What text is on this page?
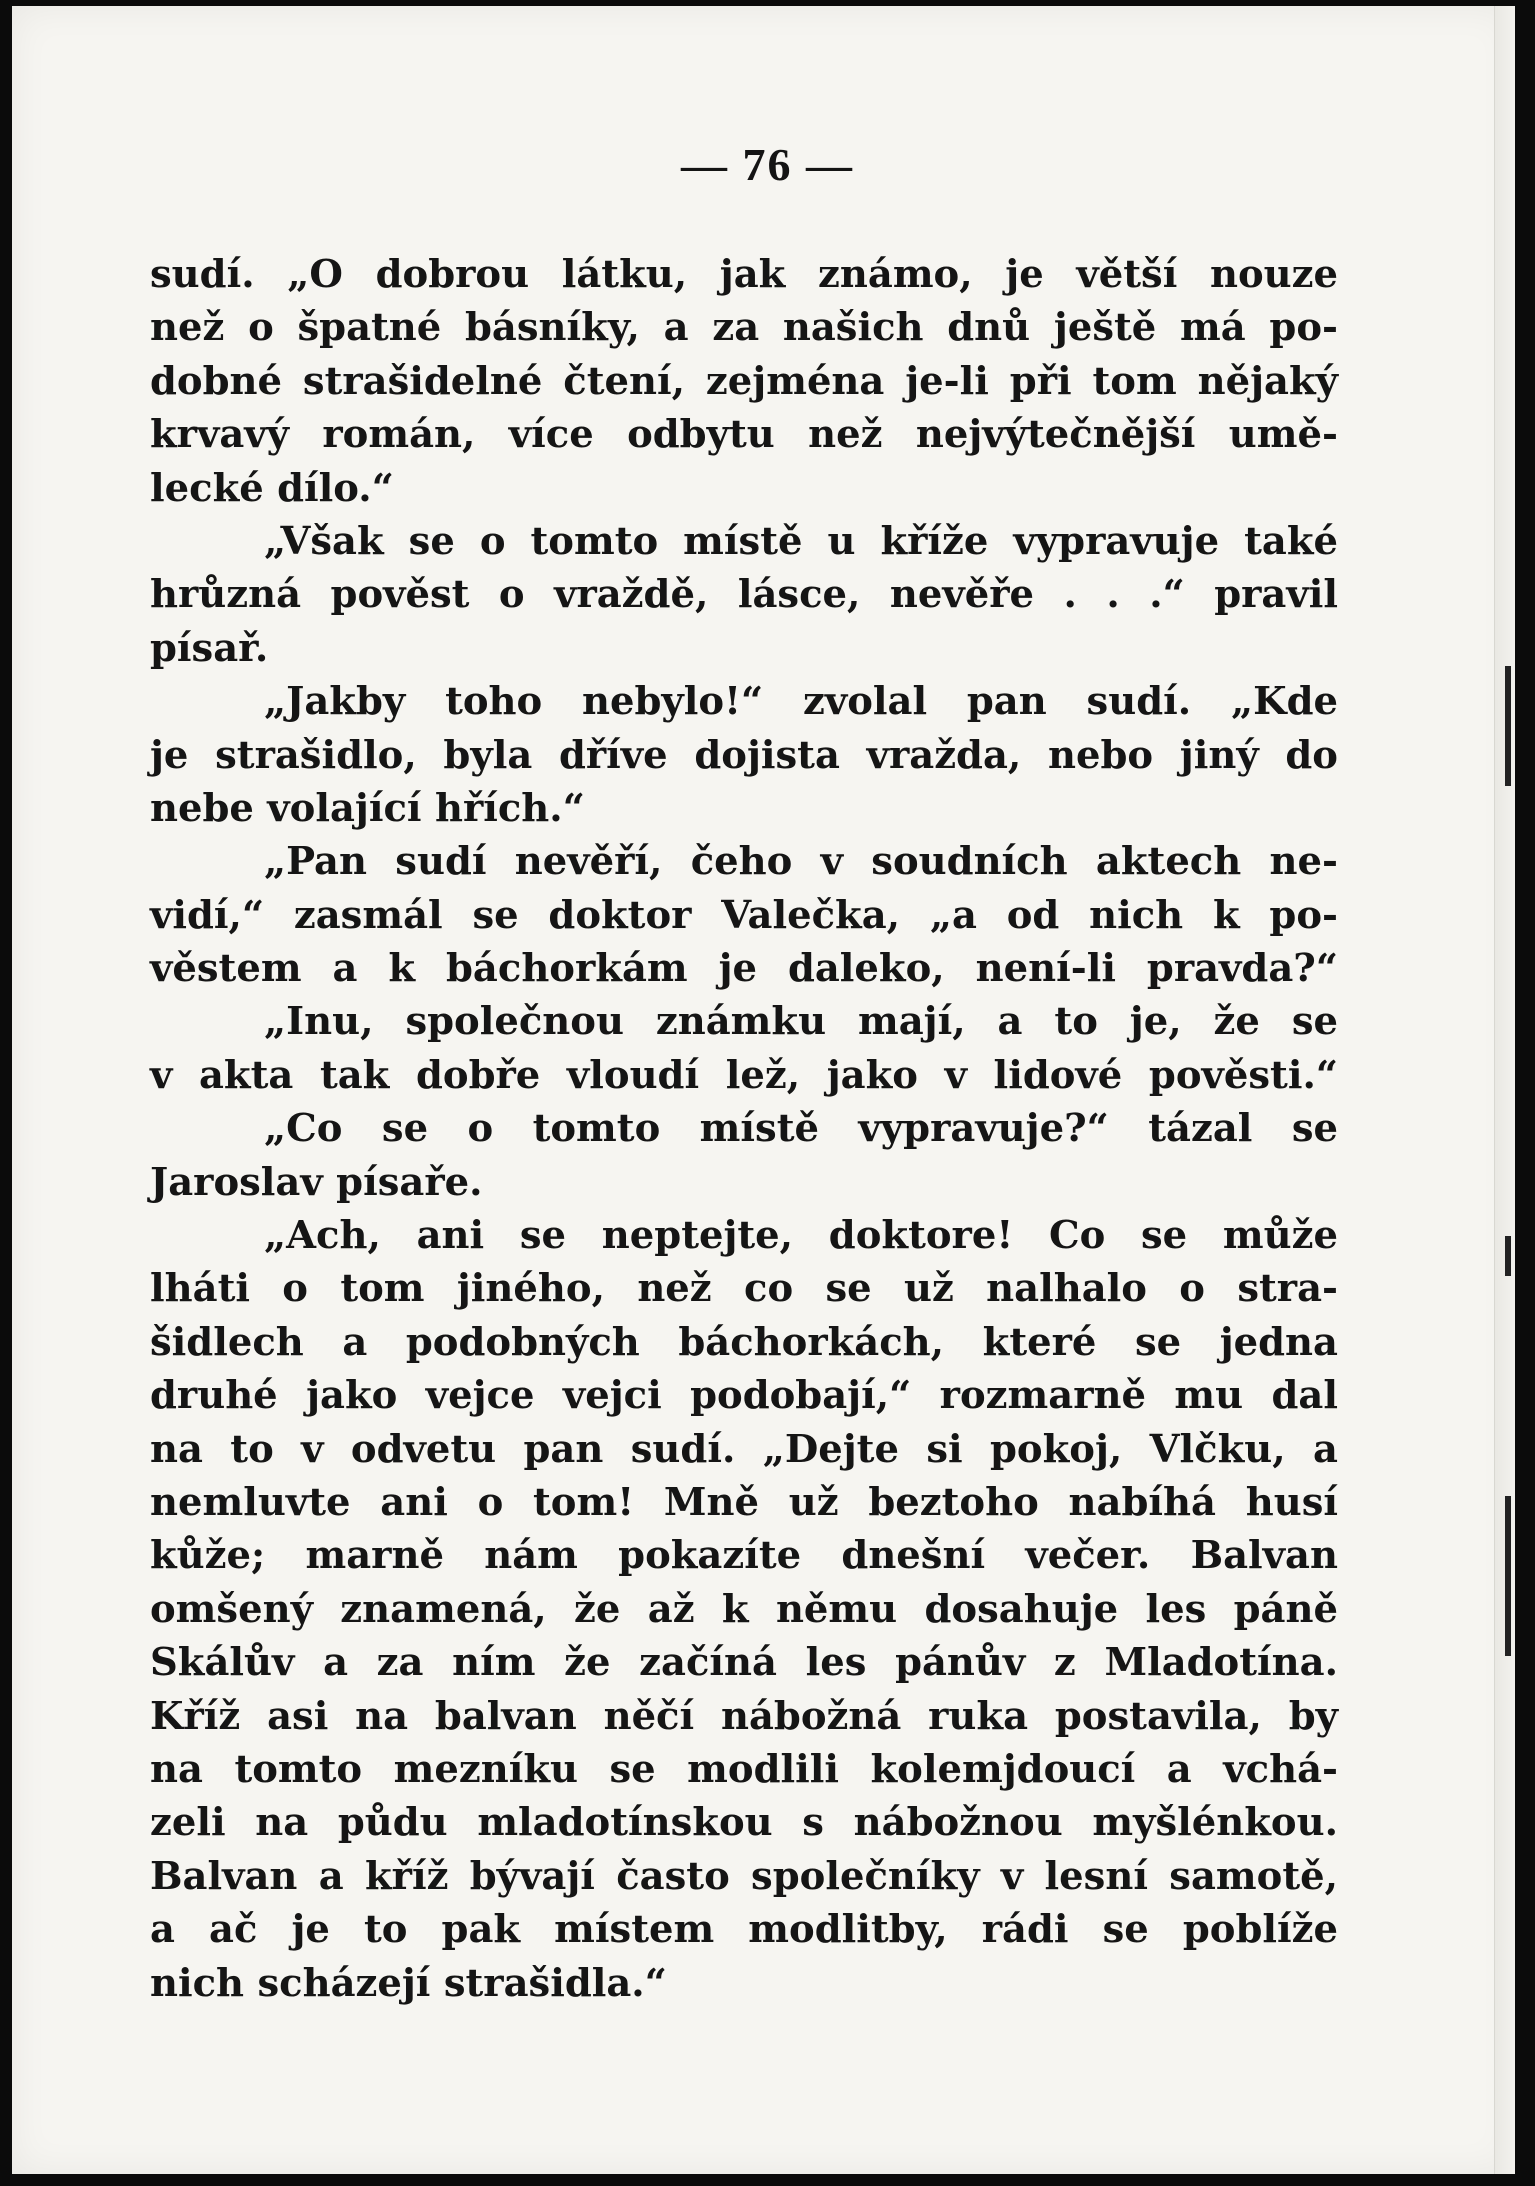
— 76 —
sudí. „O dobrou látku, jak známo, je větší nouze
než o špatné básníky, a za našich dnů ještě má po-
dobné strašidelné čtení, zejména je-li při tom nějaký
krvavý román, více odbytu než nejvýtečnější umě-
lecké dílo.“
„Však se o tomto místě u kříže vypravuje také
hrůzná pověst o vraždě, lásce, nevěře . . .“ pravil
písař.
„Jakby toho nebylo!“ zvolal pan sudí. „Kde
je strašidlo, byla dříve dojista vražda, nebo jiný do
nebe volající hřích.“
„Pan sudí nevěří, čeho v soudních aktech ne-
vidí,“ zasmál se doktor Valečka, „a od nich k po-
věstem a k báchorkám je daleko, není-li pravda?“
„Inu, společnou známku mají, a to je, že se
v akta tak dobře vloudí lež, jako v lidové pověsti.“
„Co se o tomto místě vypravuje?“ tázal se
Jaroslav písaře.
„Ach, ani se neptejte, doktore! Co se může
lháti o tom jiného, než co se už nalhalo o stra-
šidlech a podobných báchorkách, které se jedna
druhé jako vejce vejci podobají,“ rozmarně mu dal
na to v odvetu pan sudí. „Dejte si pokoj, Vlčku, a
nemluvte ani o tom! Mně už beztoho nabíhá husí
kůže; marně nám pokazíte dnešní večer. Balvan
omšený znamená, že až k němu dosahuje les páně
Skálův a za ním že začíná les pánův z Mladotína.
Kříž asi na balvan něčí nábožná ruka postavila, by
na tomto mezníku se modlili kolemjdoucí a vchá-
zeli na půdu mladotínskou s nábožnou myšlénkou.
Balvan a kříž bývají často společníky v lesní samotě,
a ač je to pak místem modlitby, rádi se poblíže
nich scházejí strašidla.“
